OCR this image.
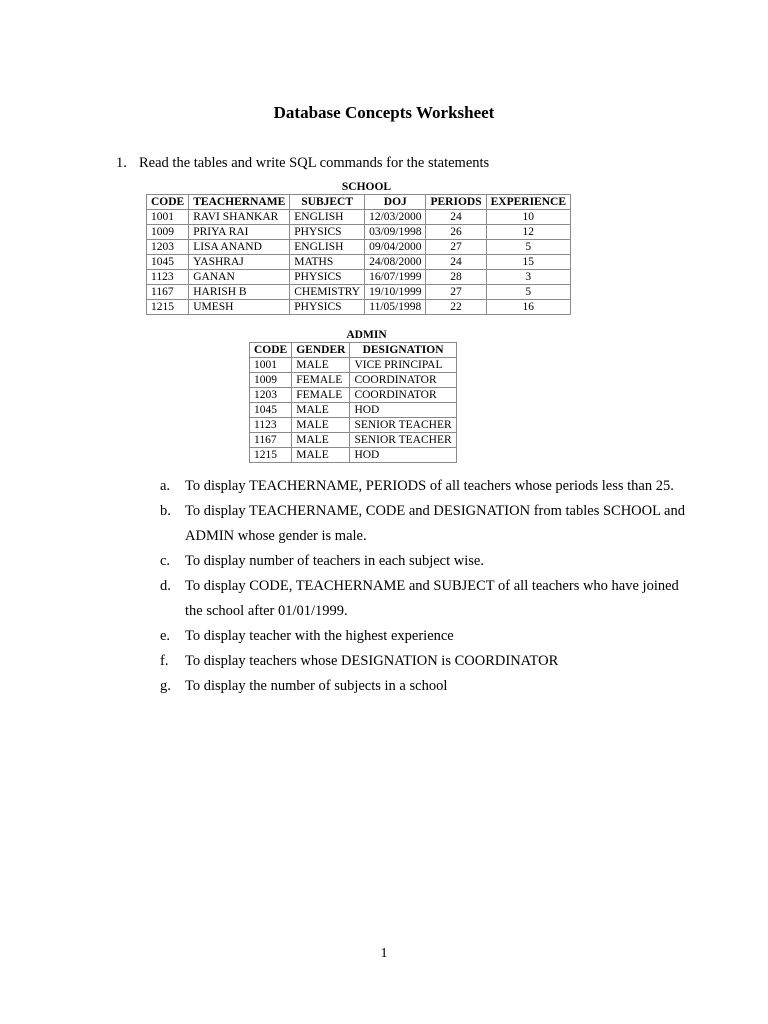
Database Concepts Worksheet
1. Read the tables and write SQL commands for the statements
SCHOOL
CODE	TEACHERNAME	SUBJECT	DOJ	PERIODS	EXPERIENCE
1001	RAVI SHANKAR	ENGLISH	12/03/2000	24	10
1009	PRIYA RAI	PHYSICS	03/09/1998	26	12
1203	LISA ANAND	ENGLISH	09/04/2000	27	5
1045	YASHRAJ	MATHS	24/08/2000	24	15
1123	GANAN	PHYSICS	16/07/1999	28	3
1167	HARISH B	CHEMISTRY	19/10/1999	27	5
1215	UMESH	PHYSICS	11/05/1998	22	16
ADMIN
CODE	GENDER	DESIGNATION
1001	MALE	VICE PRINCIPAL
1009	FEMALE	COORDINATOR
1203	FEMALE	COORDINATOR
1045	MALE	HOD
1123	MALE	SENIOR TEACHER
1167	MALE	SENIOR TEACHER
1215	MALE	HOD
a.	To display TEACHERNAME, PERIODS of all teachers whose periods less than 25.
b. To display TEACHERNAME, CODE and DESIGNATION from tables SCHOOL and ADMIN whose gender is male.
c.	To display number of teachers in each subject wise.
d. To display CODE, TEACHERNAME and SUBJECT of all teachers who have joined the school after 01/01/1999.
e.	To display teacher with the highest experience
f.	To display teachers whose DESIGNATION is COORDINATOR
g. To display the number of subjects in a school
1
